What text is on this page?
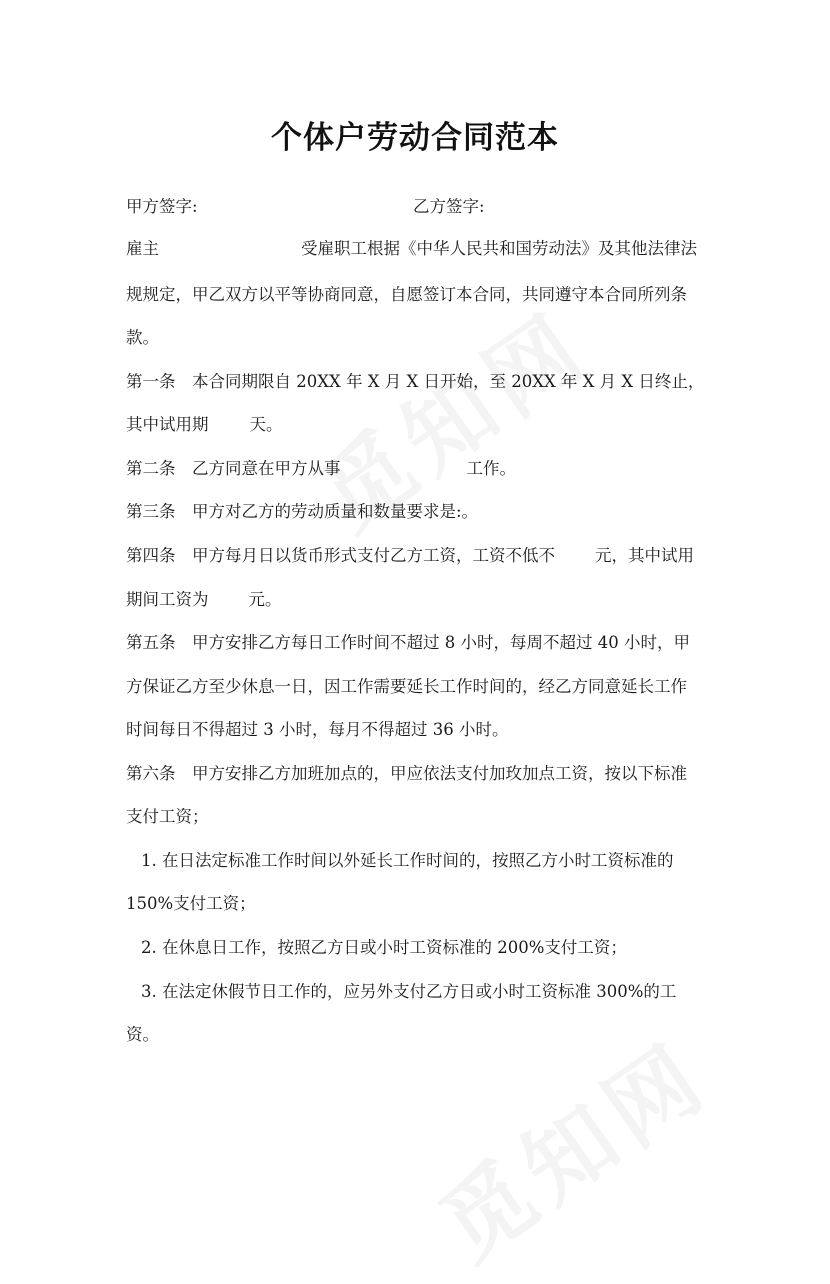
个体户劳动合同范本
甲方签字:	乙方签字:
雇主	受雇职工根据《中华人民共和国劳动法》及其他法律法
规规定，甲乙双方以平等协商同意，自愿签订本合同，共同遵守本合同所列条
款。
第一条　本合同期限自 20XX 年 X 月 X 日开始，至 20XX 年 X 月 X 日终止，
其中试用期 天。
第二条　乙方同意在甲方从事	工作。
第三条　甲方对乙方的劳动质量和数量要求是:。
第四条　甲方每月日以货币形式支付乙方工资，工资不低不 元，其中试用
期间工资为 元。
第五条　甲方安排乙方每日工作时间不超过 8 小时，每周不超过 40 小时，甲
方保证乙方至少休息一日，因工作需要延长工作时间的，经乙方同意延长工作
时间每日不得超过 3 小时，每月不得超过 36 小时。
第六条　甲方安排乙方加班加点的，甲应依法支付加玫加点工资，按以下标准
支付工资；
1. 在日法定标准工作时间以外延长工作时间的，按照乙方小时工资标准的
150%支付工资；
2. 在休息日工作，按照乙方日或小时工资标准的 200%支付工资；
3. 在法定休假节日工作的，应另外支付乙方日或小时工资标准 300%的工
资。
